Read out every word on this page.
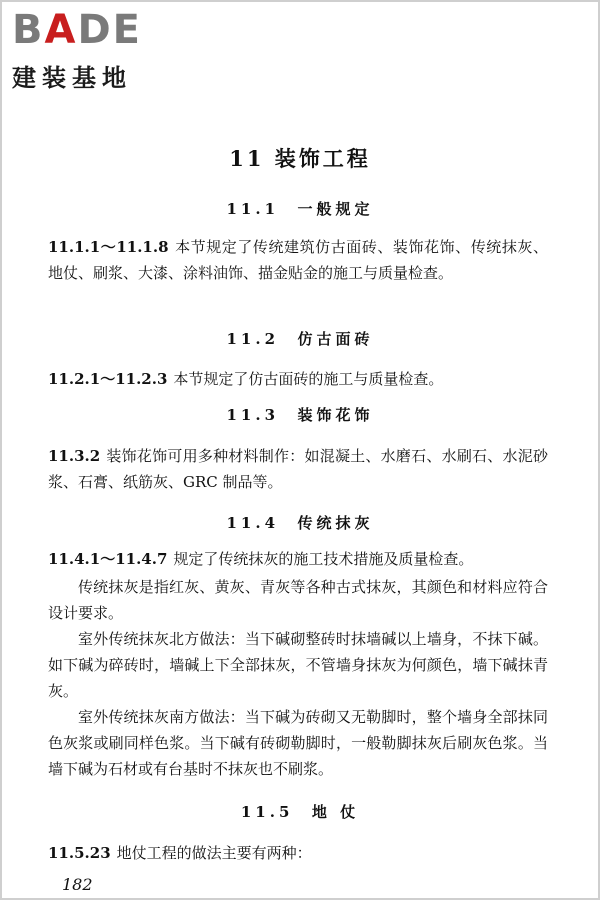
BADE
建装基地
11 装饰工程
11.1 一般规定
11.1.1～11.1.8 本节规定了传统建筑仿古面砖、装饰花饰、传统抹灰、地仗、刷浆、大漆、涂料油饰、描金贴金的施工与质量检查。
11.2 仿古面砖
11.2.1～11.2.3 本节规定了仿古面砖的施工与质量检查。
11.3 装饰花饰
11.3.2 装饰花饰可用多种材料制作：如混凝土、水磨石、水刷石、水泥砂浆、石膏、纸筋灰、GRC 制品等。
11.4 传统抹灰
11.4.1～11.4.7 规定了传统抹灰的施工技术措施及质量检查。
传统抹灰是指红灰、黄灰、青灰等各种古式抹灰，其颜色和材料应符合设计要求。
室外传统抹灰北方做法：当下碱砌整砖时抹墙碱以上墙身，不抹下碱。如下碱为碎砖时，墙碱上下全部抹灰，不管墙身抹灰为何颜色，墙下碱抹青灰。
室外传统抹灰南方做法：当下碱为砖砌又无勒脚时，整个墙身全部抹同色灰浆或刷同样色浆。当下碱有砖砌勒脚时，一般勒脚抹灰后刷灰色浆。当墙下碱为石材或有台基时不抹灰也不刷浆。
11.5 地 仗
11.5.23 地仗工程的做法主要有两种：
182
